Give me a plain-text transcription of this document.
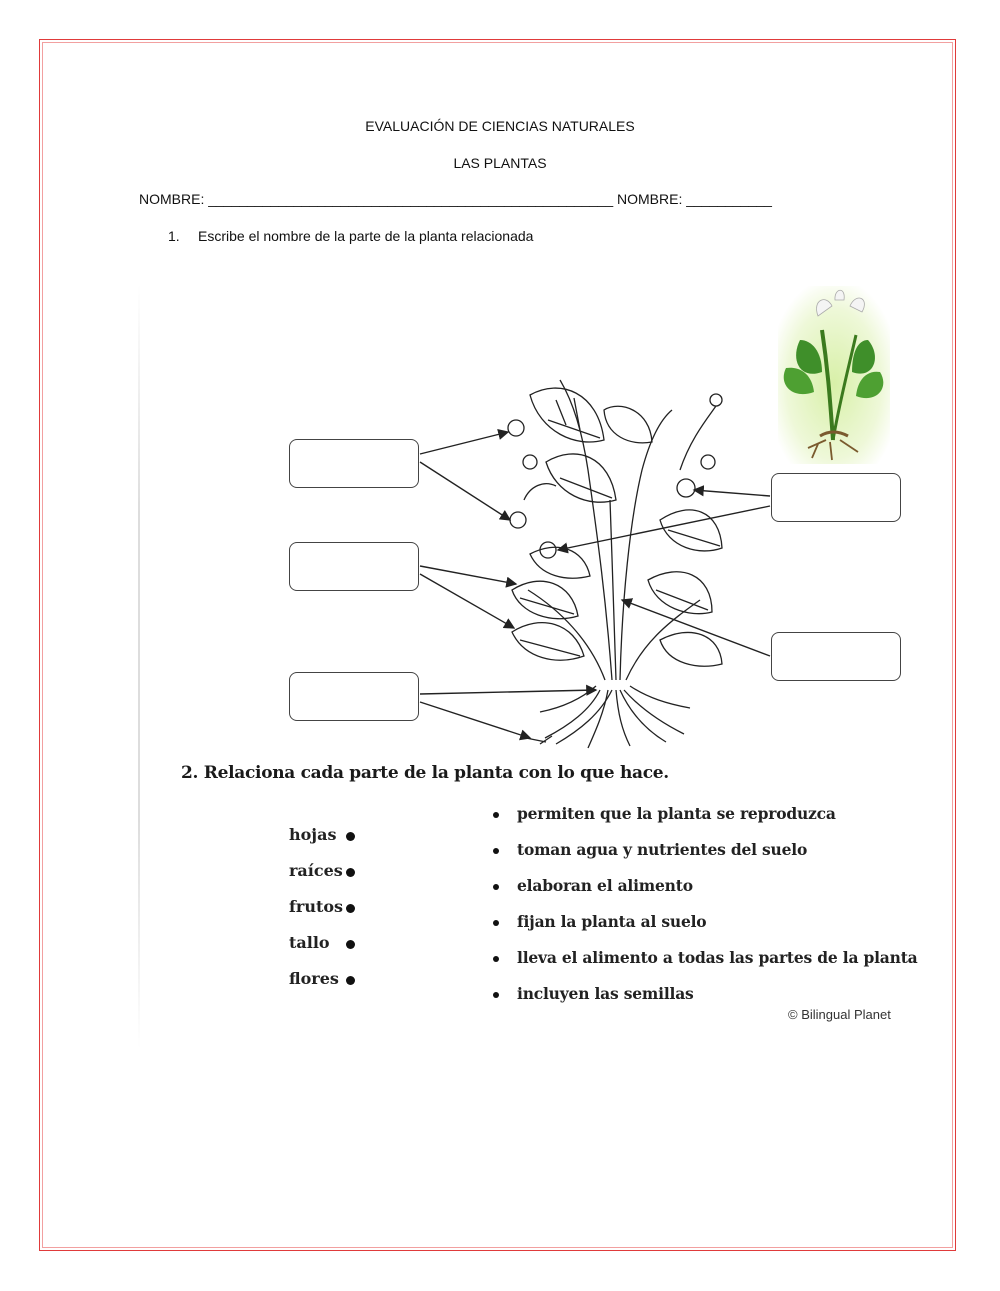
EVALUACIÓN DE CIENCIAS NATURALES
LAS PLANTAS
NOMBRE: ____________________________________________________ NOMBRE: ___________
1. Escribe el nombre de la parte de la planta relacionada
2. Relaciona cada parte de la planta con lo que hace.
hojas
raíces
frutos
tallo
flores
permiten que la planta se reproduzca
toman agua y nutrientes del suelo
elaboran el alimento
fijan la planta al suelo
lleva el alimento a todas las partes de la planta
incluyen las semillas
© Bilingual Planet
